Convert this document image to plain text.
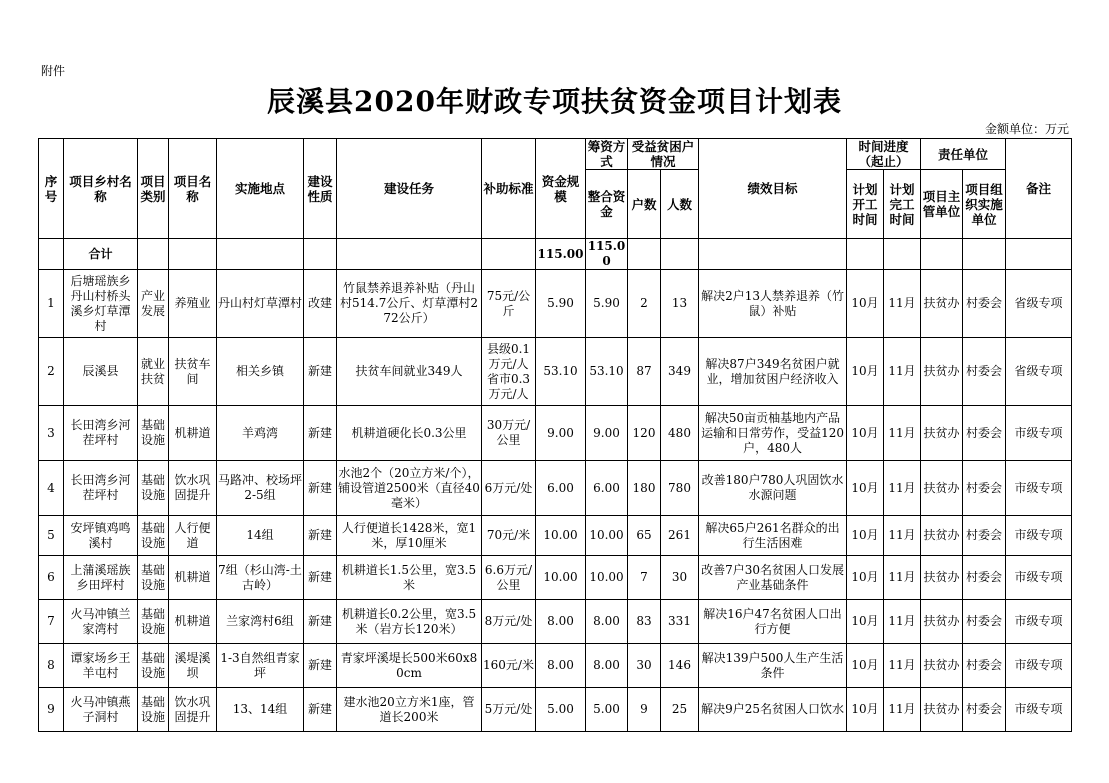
附件
辰溪县2020年财政专项扶贫资金项目计划表
金额单位：万元
序号	项目乡村名称	项目类别	项目名称	实施地点	建设性质	建设任务	补助标准	资金规模	筹资方式	受益贫困户情况		绩效目标	时间进度（起止）		责任单位		备注
									整合资金	户数	人数		计划开工时间	计划完工时间	项目主管单位	项目组织实施单位	
	合计							115.00	115.00								
1	后塘瑶族乡丹山村桥头溪乡灯草潭村	产业发展	养殖业	丹山村灯草潭村	改建	竹鼠禁养退养补贴（丹山村514.7公斤、灯草潭村272公斤）	75元/公斤	5.90	5.90	2	13	解决2户13人禁养退养（竹鼠）补贴	10月	11月	扶贫办	村委会	省级专项
2	辰溪县	就业扶贫	扶贫车间	相关乡镇	新建	扶贫车间就业349人	县级0.1万元/人省市0.3万元/人	53.10	53.10	87	349	解决87户349名贫困户就业，增加贫困户经济收入	10月	11月	扶贫办	村委会	省级专项
3	长田湾乡河茬坪村	基础设施	机耕道	羊鸡湾	新建	机耕道硬化长0.3公里	30万元/公里	9.00	9.00	120	480	解决50亩贡柚基地内产品运输和日常劳作，受益120户，480人	10月	11月	扶贫办	村委会	市级专项
4	长田湾乡河茬坪村	基础设施	饮水巩固提升	马路冲、校场坪2-5组	新建	水池2个（20立方米/个），铺设管道2500米（直径40毫米）	6万元/处	6.00	6.00	180	780	改善180户780人巩固饮水水源问题	10月	11月	扶贫办	村委会	市级专项
5	安坪镇鸡鸣溪村	基础设施	人行便道	14组	新建	人行便道长1428米，宽1米，厚10厘米	70元/米	10.00	10.00	65	261	解决65户261名群众的出行生活困难	10月	11月	扶贫办	村委会	市级专项
6	上蒲溪瑶族乡田坪村	基础设施	机耕道	7组（杉山湾-土古岭）	新建	机耕道长1.5公里，宽3.5米	6.6万元/公里	10.00	10.00	7	30	改善7户30名贫困人口发展产业基础条件	10月	11月	扶贫办	村委会	市级专项
7	火马冲镇兰家湾村	基础设施	机耕道	兰家湾村6组	新建	机耕道长0.2公里，宽3.5米（岩方长120米）	8万元/处	8.00	8.00	83	331	解决16户47名贫困人口出行方便	10月	11月	扶贫办	村委会	市级专项
8	谭家场乡王羊屯村	基础设施	溪堤溪坝	1-3自然组青家坪	新建	青家坪溪堤长500米60x80cm	160元/米	8.00	8.00	30	146	解决139户500人生产生活条件	10月	11月	扶贫办	村委会	市级专项
9	火马冲镇燕子洞村	基础设施	饮水巩固提升	13、14组	新建	建水池20立方米1座，管道长200米	5万元/处	5.00	5.00	9	25	解决9户25名贫困人口饮水	10月	11月	扶贫办	村委会	市级专项
